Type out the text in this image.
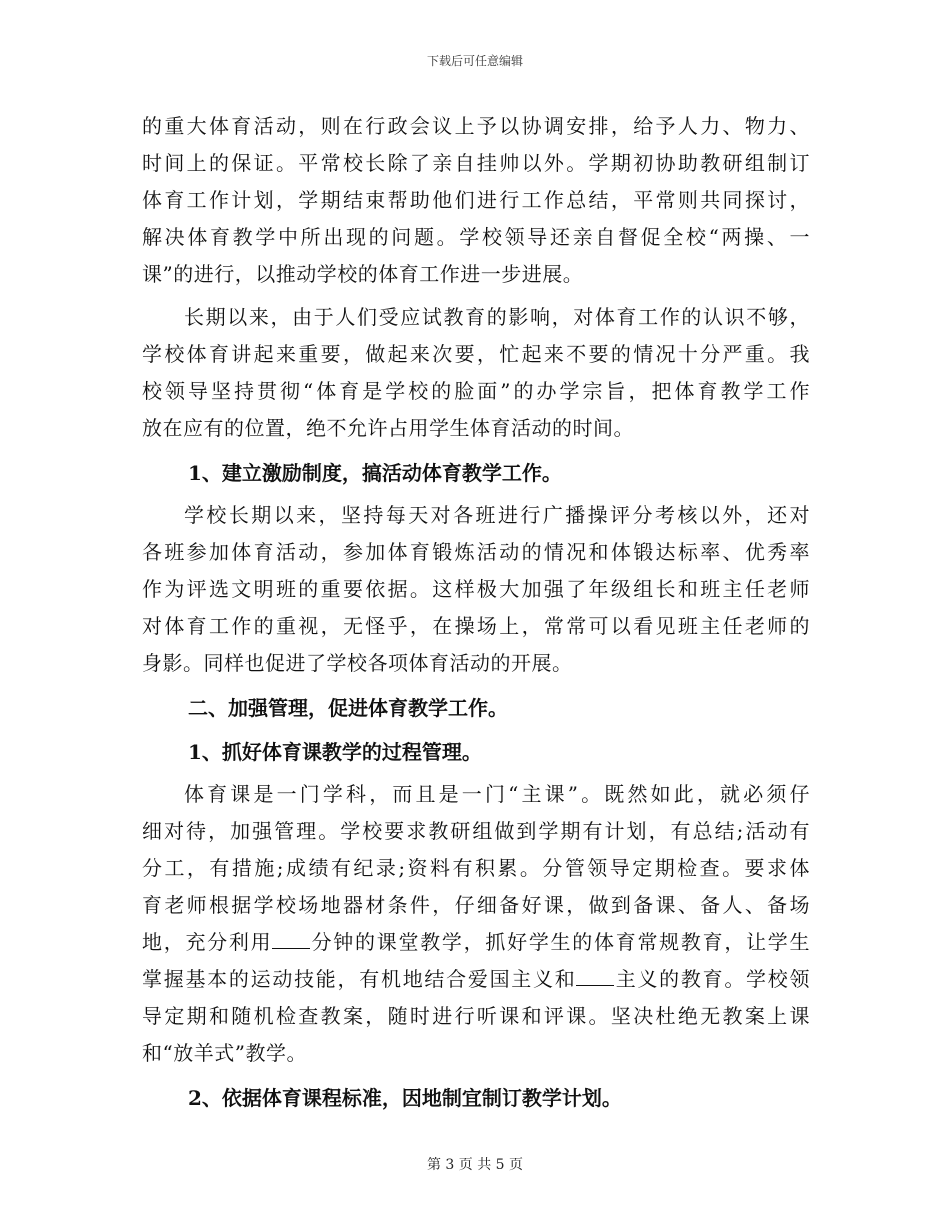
下载后可任意编辑
的重大体育活动，则在行政会议上予以协调安排，给予人力、物力、
时间上的保证。平常校长除了亲自挂帅以外。学期初协助教研组制订
体育工作计划，学期结束帮助他们进行工作总结，平常则共同探讨，
解决体育教学中所出现的问题。学校领导还亲自督促全校“两操、一
课”的进行，以推动学校的体育工作进一步进展。
长期以来，由于人们受应试教育的影响，对体育工作的认识不够，
学校体育讲起来重要，做起来次要，忙起来不要的情况十分严重。我
校领导坚持贯彻“体育是学校的脸面”的办学宗旨，把体育教学工作
放在应有的位置，绝不允许占用学生体育活动的时间。
1、建立激励制度，搞活动体育教学工作。
学校长期以来，坚持每天对各班进行广播操评分考核以外，还对
各班参加体育活动，参加体育锻炼活动的情况和体锻达标率、优秀率
作为评选文明班的重要依据。这样极大加强了年级组长和班主任老师
对体育工作的重视，无怪乎，在操场上，常常可以看见班主任老师的
身影。同样也促进了学校各项体育活动的开展。
二、加强管理，促进体育教学工作。
1、抓好体育课教学的过程管理。
体育课是一门学科，而且是一门“主课”。既然如此，就必须仔
细对待，加强管理。学校要求教研组做到学期有计划，有总结;活动有
分工，有措施;成绩有纪录;资料有积累。分管领导定期检查。要求体
育老师根据学校场地器材条件，仔细备好课，做到备课、备人、备场
地，充分利用 分钟的课堂教学，抓好学生的体育常规教育，让学生
掌握基本的运动技能，有机地结合爱国主义和 主义的教育。学校领
导定期和随机检查教案，随时进行听课和评课。坚决杜绝无教案上课
和“放羊式”教学。
2、依据体育课程标准，因地制宜制订教学计划。
第 3 页 共 5 页
